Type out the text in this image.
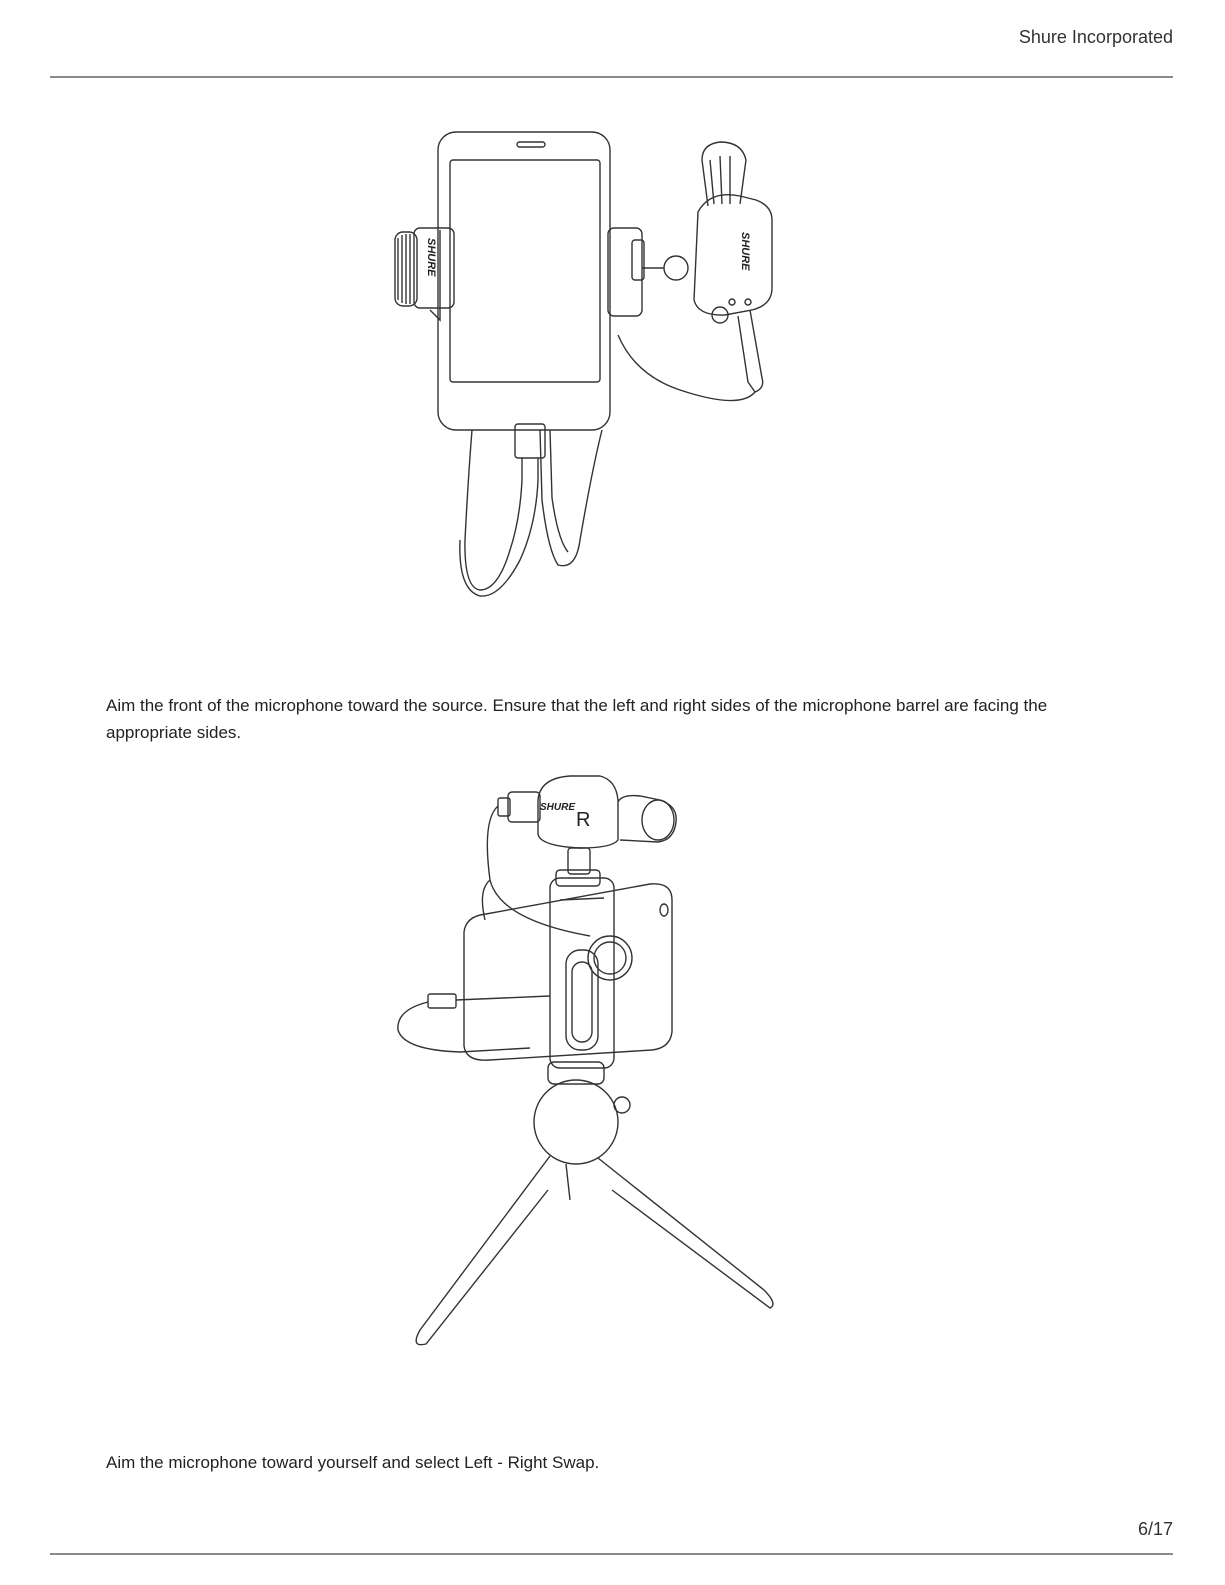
Shure Incorporated
SHURE	SHURE

Aim the front of the microphone toward the source. Ensure that the left and right sides of the microphone barrel are facing the appropriate sides.

SHURE
R

Aim the microphone toward yourself and select Left - Right Swap.

6/17
